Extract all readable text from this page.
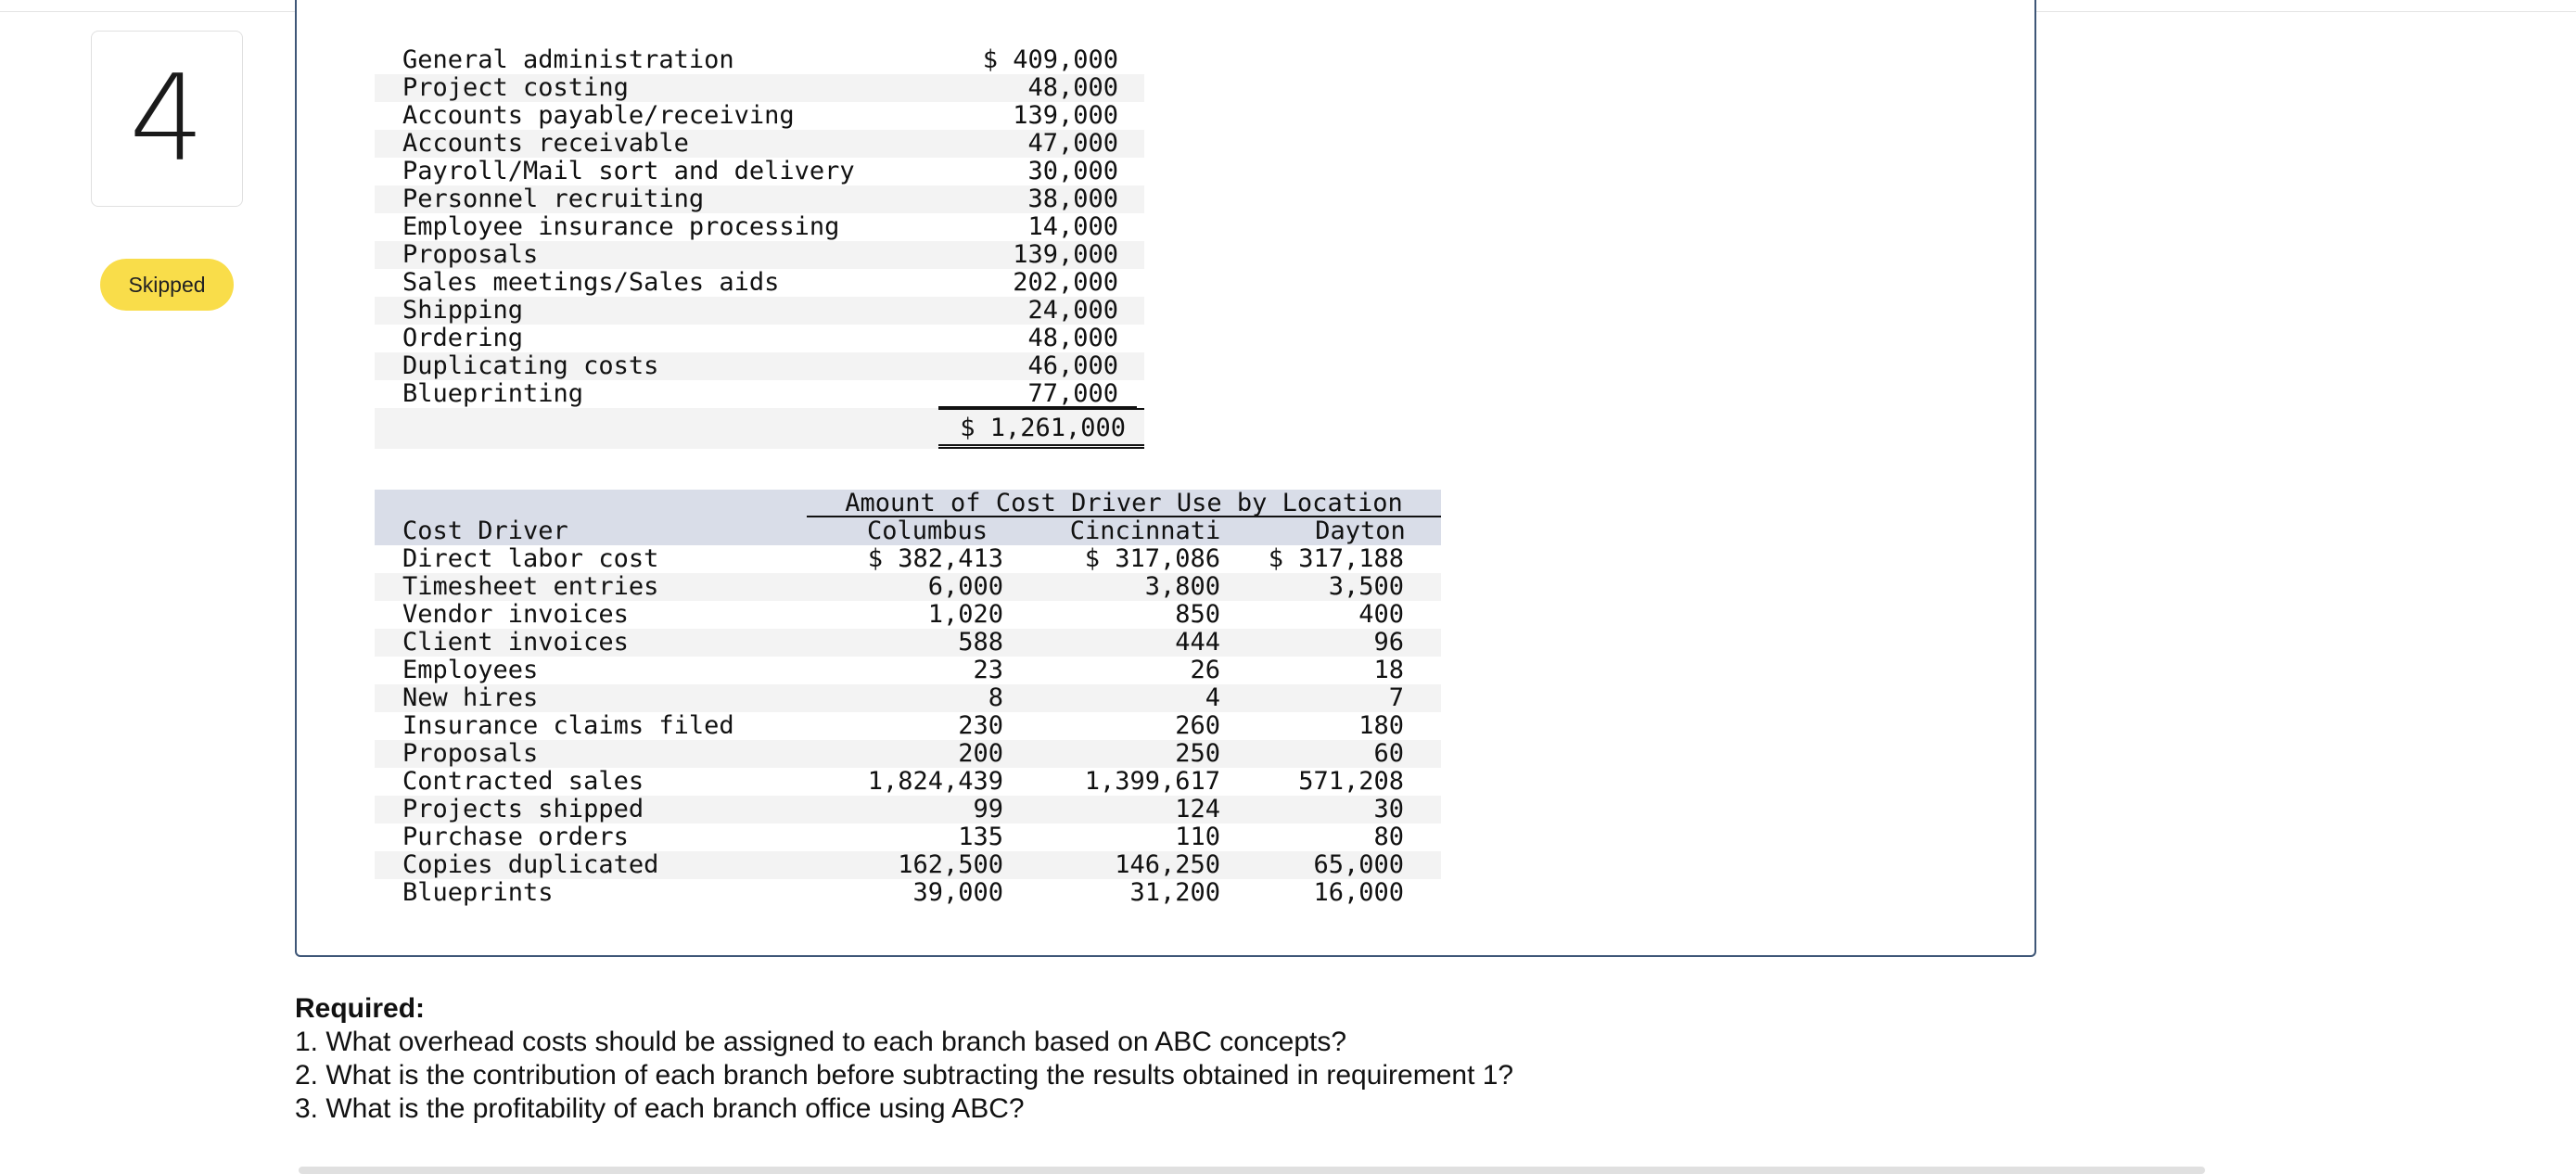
4
Skipped
General administration	$ 409,000
Project costing	48,000
Accounts payable/receiving	139,000
Accounts receivable	47,000
Payroll/Mail sort and delivery	30,000
Personnel recruiting	38,000
Employee insurance processing	14,000
Proposals	139,000
Sales meetings/Sales aids	202,000
Shipping	24,000
Ordering	48,000
Duplicating costs	46,000
Blueprinting	77,000
$ 1,261,000
Amount of Cost Driver Use by Location
Cost Driver	Columbus	Cincinnati	Dayton
Direct labor cost	$ 382,413	$ 317,086	$ 317,188
Timesheet entries	6,000	3,800	3,500
Vendor invoices	1,020	850	400
Client invoices	588	444	96
Employees	23	26	18
New hires	8	4	7
Insurance claims filed	230	260	180
Proposals	200	250	60
Contracted sales	1,824,439	1,399,617	571,208
Projects shipped	99	124	30
Purchase orders	135	110	80
Copies duplicated	162,500	146,250	65,000
Blueprints	39,000	31,200	16,000
Required:
1. What overhead costs should be assigned to each branch based on ABC concepts?
2. What is the contribution of each branch before subtracting the results obtained in requirement 1?
3. What is the profitability of each branch office using ABC?
